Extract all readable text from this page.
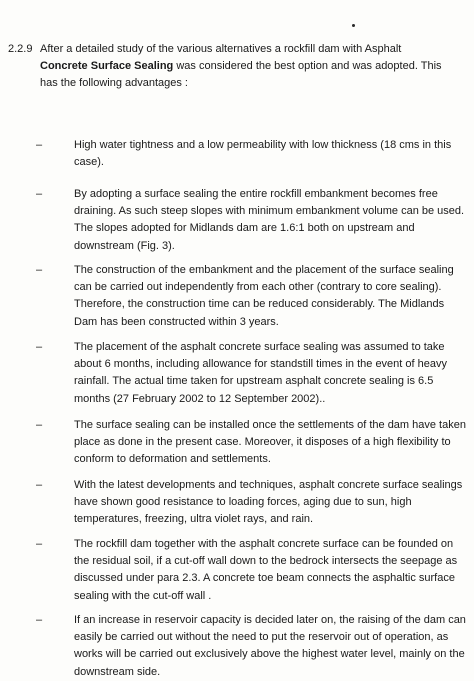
2.2.9 After a detailed study of the various alternatives a rockfill dam with Asphalt
Concrete Surface Sealing was considered the best option and was adopted. This
has the following advantages :
–	High water tightness and a low permeability with low thickness (18 cms in this case).
–	By adopting a surface sealing the entire rockfill embankment becomes free draining. As such steep slopes with minimum embankment volume can be used. The slopes adopted for Midlands dam are 1.6:1 both on upstream and downstream (Fig. 3).
–	The construction of the embankment and the placement of the surface sealing can be carried out independently from each other (contrary to core sealing). Therefore, the construction time can be reduced considerably. The Midlands Dam has been constructed within 3 years.
–	The placement of the asphalt concrete surface sealing was assumed to take about 6 months, including allowance for standstill times in the event of heavy rainfall. The actual time taken for upstream asphalt concrete sealing is 6.5 months (27 February 2002 to 12 September 2002)..
–	The surface sealing can be installed once the settlements of the dam have taken place as done in the present case. Moreover, it disposes of a high flexibility to conform to deformation and settlements.
–	With the latest developments and techniques, asphalt concrete surface sealings have shown good resistance to loading forces, aging due to sun, high temperatures, freezing, ultra violet rays, and rain.
–	The rockfill dam together with the asphalt concrete surface can be founded on the residual soil, if a cut-off wall down to the bedrock intersects the seepage as discussed under para 2.3. A concrete toe beam connects the asphaltic surface sealing with the cut-off wall .
–	If an increase in reservoir capacity is decided later on, the raising of the dam can easily be carried out without the need to put the reservoir out of operation, as works will be carried out exclusively above the highest water level, mainly on the downstream side.
